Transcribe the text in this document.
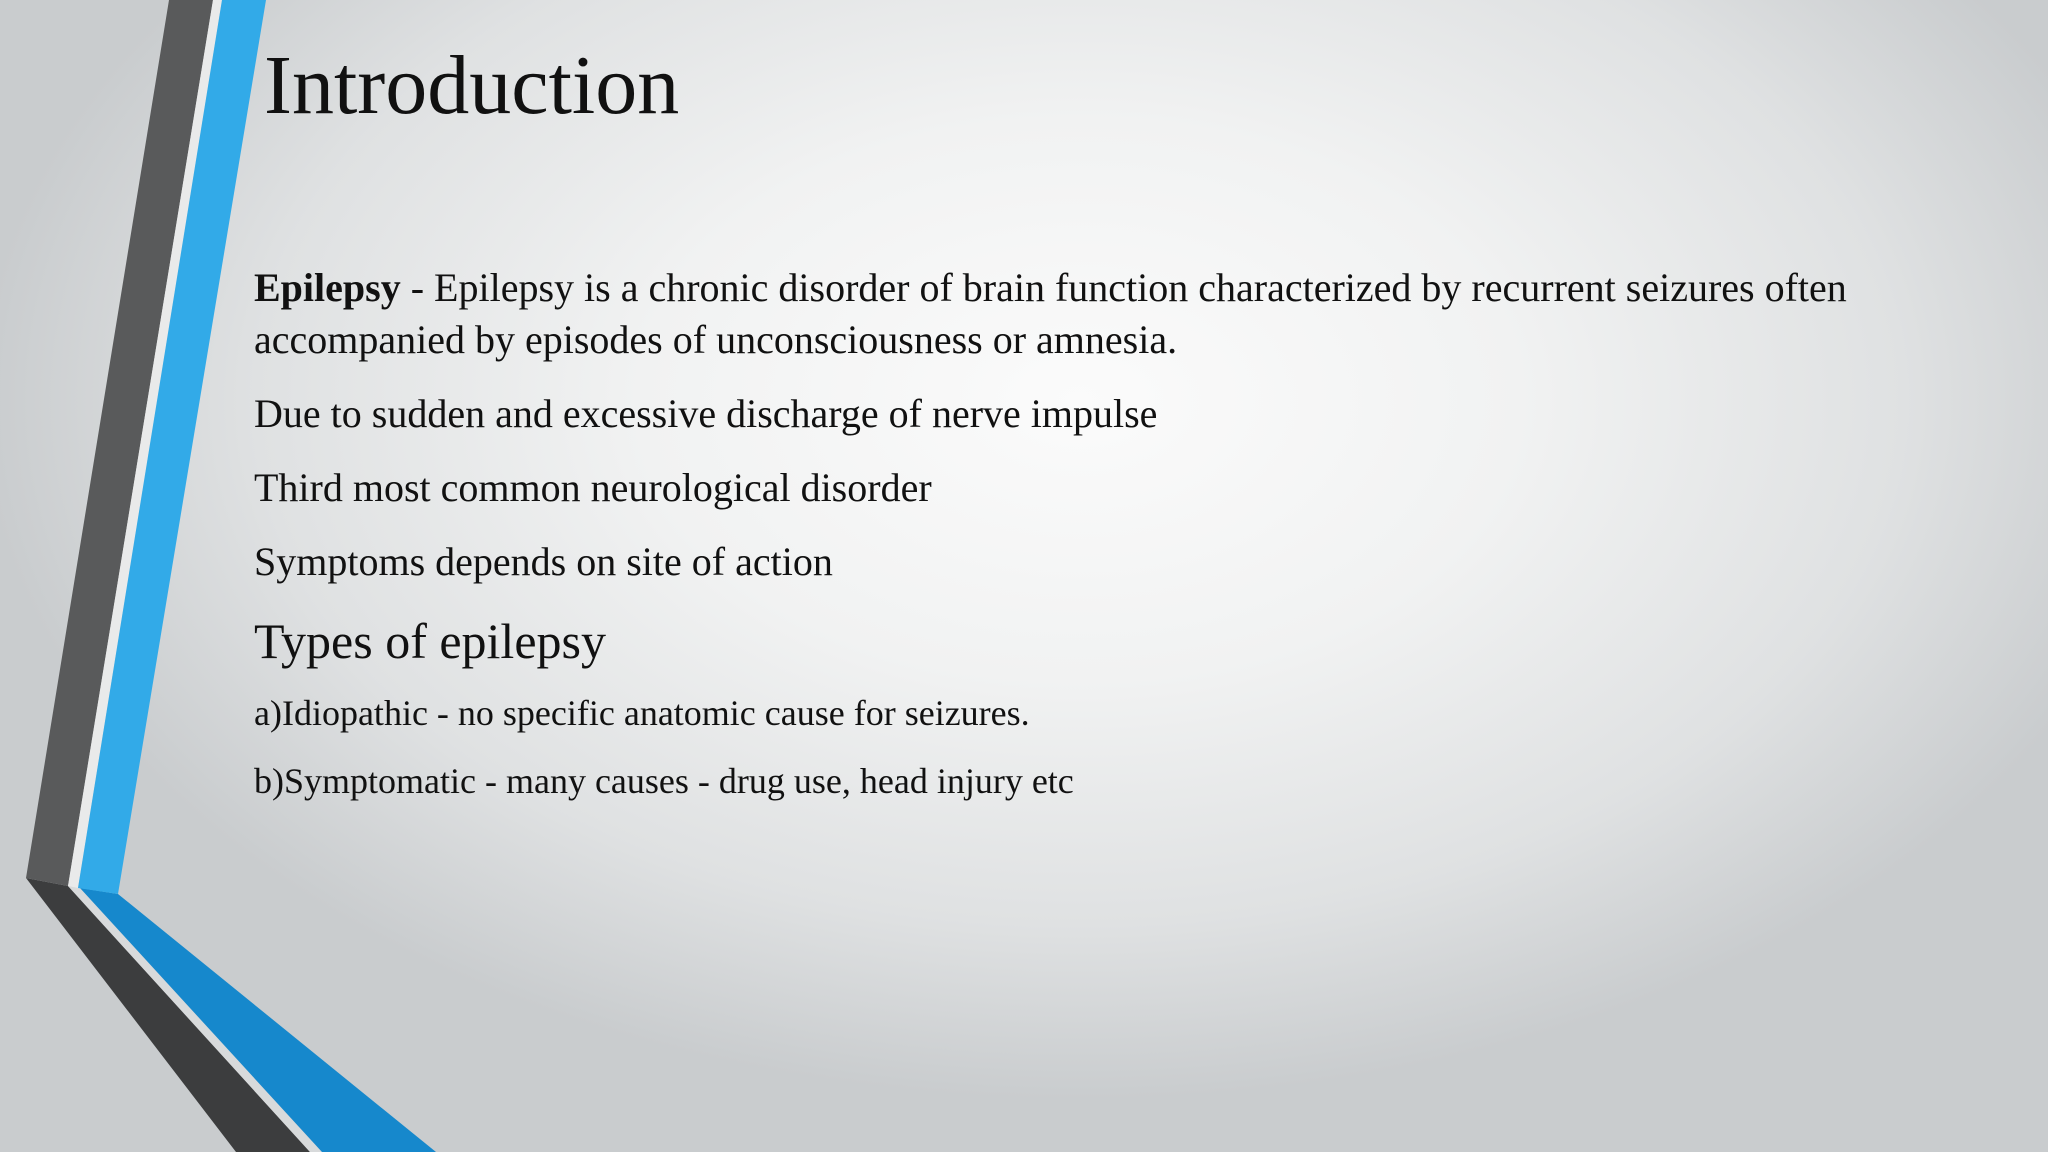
Introduction

Epilepsy - Epilepsy is a chronic disorder of brain function characterized by recurrent seizures often accompanied by episodes of unconsciousness or amnesia.

Due to sudden and excessive discharge of nerve impulse

Third most common neurological disorder

Symptoms depends on site of action

Types of epilepsy

a)Idiopathic - no specific anatomic cause for seizures.

b)Symptomatic - many causes - drug use, head injury etc
